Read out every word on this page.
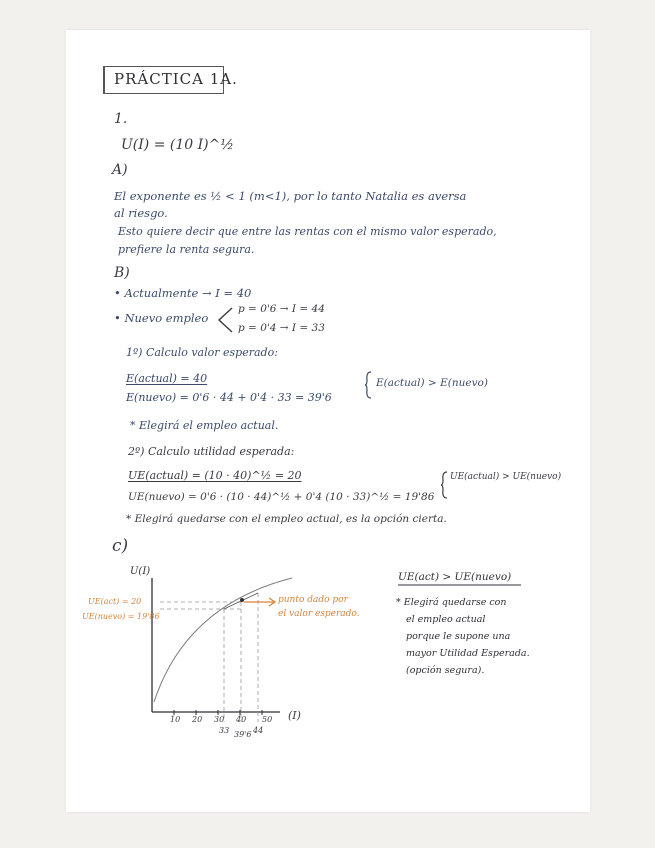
PRÁCTICA 1A.
1.
U(I) = (10 I)^½
A)
El exponente es ½ < 1 (m<1), por lo tanto Natalia es aversa
al riesgo.
Esto quiere decir que entre las rentas con el mismo valor esperado,
prefiere la renta segura.
B)
• Actualmente → I = 40
• Nuevo empleo
p = 0'6 → I = 44
p = 0'4 → I = 33
1º) Calculo valor esperado:
E(actual) = 40
E(nuevo) = 0'6 · 44 + 0'4 · 33 = 39'6
E(actual) > E(nuevo)
* Elegirá el empleo actual.
2º) Calculo utilidad esperada:
UE(actual) = (10 · 40)^½ = 20
UE(nuevo) = 0'6 · (10 · 44)^½ + 0'4 (10 · 33)^½ = 19'86
UE(actual) > UE(nuevo)
* Elegirá quedarse con el empleo actual, es la opción cierta.
c)
U(I)
UE(act) = 20
UE(nuevo) = 19'86
punto dado por
el valor esperado.
10 20 30 40 50 (I)
33 39'6 44
UE(act) > UE(nuevo)
* Elegirá quedarse con
el empleo actual
porque le supone una
mayor Utilidad Esperada.
(opción segura).
